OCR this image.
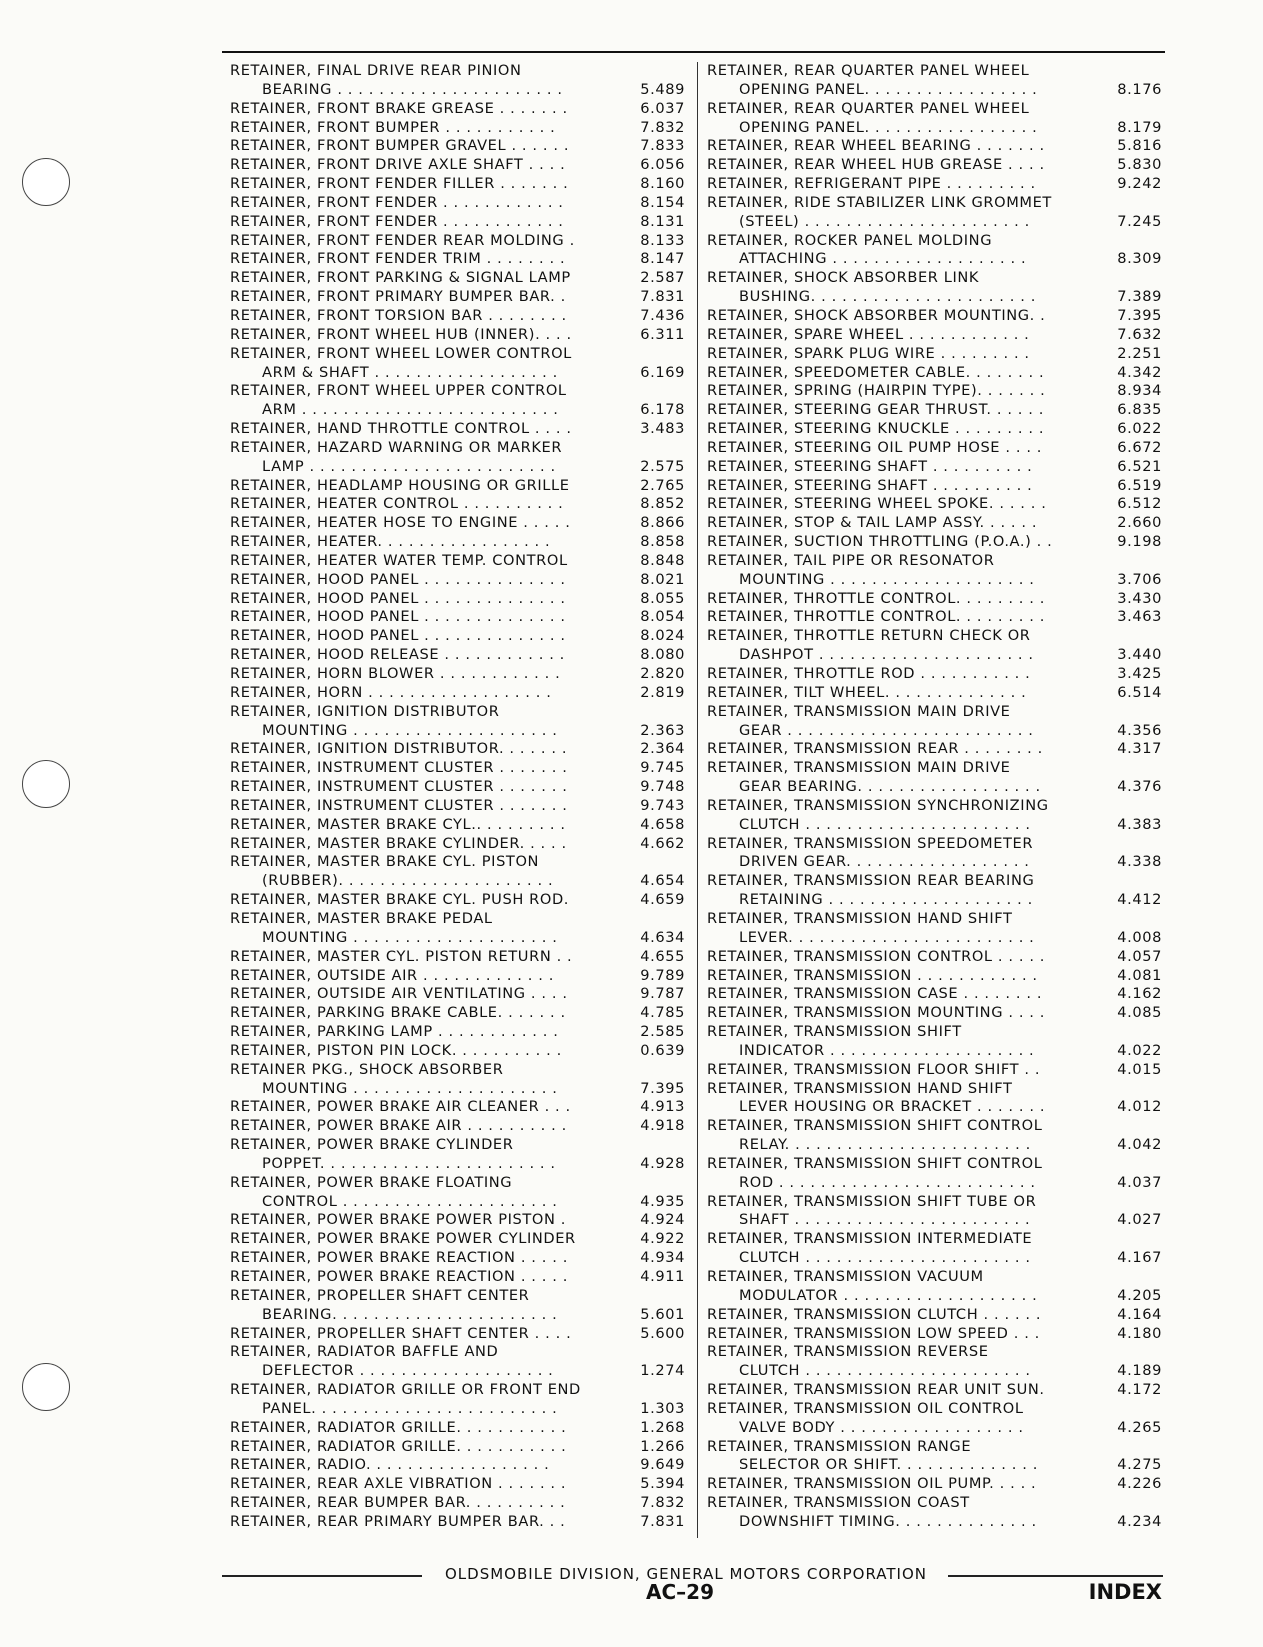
RETAINER, FINAL DRIVE REAR PINION
BEARING . . . . . . . . . . . . . . . . . . . . . .	5.489
RETAINER, FRONT BRAKE GREASE . . . . . . .	6.037
RETAINER, FRONT BUMPER . . . . . . . . . . .	7.832
RETAINER, FRONT BUMPER GRAVEL . . . . . .	7.833
RETAINER, FRONT DRIVE AXLE SHAFT . . . .	6.056
RETAINER, FRONT FENDER FILLER . . . . . . .	8.160
RETAINER, FRONT FENDER . . . . . . . . . . . .	8.154
RETAINER, FRONT FENDER . . . . . . . . . . . .	8.131
RETAINER, FRONT FENDER REAR MOLDING .	8.133
RETAINER, FRONT FENDER TRIM . . . . . . . .	8.147
RETAINER, FRONT PARKING & SIGNAL LAMP	2.587
RETAINER, FRONT PRIMARY BUMPER BAR. .	7.831
RETAINER, FRONT TORSION BAR . . . . . . . .	7.436
RETAINER, FRONT WHEEL HUB (INNER). . . .	6.311
RETAINER, FRONT WHEEL LOWER CONTROL
ARM & SHAFT . . . . . . . . . . . . . . . . . .	6.169
RETAINER, FRONT WHEEL UPPER CONTROL
ARM . . . . . . . . . . . . . . . . . . . . . . . . .	6.178
RETAINER, HAND THROTTLE CONTROL . . . .	3.483
RETAINER, HAZARD WARNING OR MARKER
LAMP . . . . . . . . . . . . . . . . . . . . . . . .	2.575
RETAINER, HEADLAMP HOUSING OR GRILLE	2.765
RETAINER, HEATER CONTROL . . . . . . . . . .	8.852
RETAINER, HEATER HOSE TO ENGINE . . . . .	8.866
RETAINER, HEATER. . . . . . . . . . . . . . . . .	8.858
RETAINER, HEATER WATER TEMP. CONTROL	8.848
RETAINER, HOOD PANEL . . . . . . . . . . . . . .	8.021
RETAINER, HOOD PANEL . . . . . . . . . . . . . .	8.055
RETAINER, HOOD PANEL . . . . . . . . . . . . . .	8.054
RETAINER, HOOD PANEL . . . . . . . . . . . . . .	8.024
RETAINER, HOOD RELEASE . . . . . . . . . . . .	8.080
RETAINER, HORN BLOWER . . . . . . . . . . . .	2.820
RETAINER, HORN . . . . . . . . . . . . . . . . . .	2.819
RETAINER, IGNITION DISTRIBUTOR
MOUNTING . . . . . . . . . . . . . . . . . . . .	2.363
RETAINER, IGNITION DISTRIBUTOR. . . . . . .	2.364
RETAINER, INSTRUMENT CLUSTER . . . . . . .	9.745
RETAINER, INSTRUMENT CLUSTER . . . . . . .	9.748
RETAINER, INSTRUMENT CLUSTER . . . . . . .	9.743
RETAINER, MASTER BRAKE CYL.. . . . . . . . .	4.658
RETAINER, MASTER BRAKE CYLINDER. . . . .	4.662
RETAINER, MASTER BRAKE CYL. PISTON
(RUBBER). . . . . . . . . . . . . . . . . . . . .	4.654
RETAINER, MASTER BRAKE CYL. PUSH ROD.	4.659
RETAINER, MASTER BRAKE PEDAL
MOUNTING . . . . . . . . . . . . . . . . . . . .	4.634
RETAINER, MASTER CYL. PISTON RETURN . .	4.655
RETAINER, OUTSIDE AIR . . . . . . . . . . . . .	9.789
RETAINER, OUTSIDE AIR VENTILATING . . . .	9.787
RETAINER, PARKING BRAKE CABLE. . . . . . .	4.785
RETAINER, PARKING LAMP . . . . . . . . . . . .	2.585
RETAINER, PISTON PIN LOCK. . . . . . . . . . .	0.639
RETAINER PKG., SHOCK ABSORBER
MOUNTING . . . . . . . . . . . . . . . . . . . .	7.395
RETAINER, POWER BRAKE AIR CLEANER . . .	4.913
RETAINER, POWER BRAKE AIR . . . . . . . . . .	4.918
RETAINER, POWER BRAKE CYLINDER
POPPET. . . . . . . . . . . . . . . . . . . . . . .	4.928
RETAINER, POWER BRAKE FLOATING
CONTROL . . . . . . . . . . . . . . . . . . . . .	4.935
RETAINER, POWER BRAKE POWER PISTON .	4.924
RETAINER, POWER BRAKE POWER CYLINDER	4.922
RETAINER, POWER BRAKE REACTION . . . . .	4.934
RETAINER, POWER BRAKE REACTION . . . . .	4.911
RETAINER, PROPELLER SHAFT CENTER
BEARING. . . . . . . . . . . . . . . . . . . . . .	5.601
RETAINER, PROPELLER SHAFT CENTER . . . .	5.600
RETAINER, RADIATOR BAFFLE AND
DEFLECTOR . . . . . . . . . . . . . . . . . . .	1.274
RETAINER, RADIATOR GRILLE OR FRONT END
PANEL. . . . . . . . . . . . . . . . . . . . . . . .	1.303
RETAINER, RADIATOR GRILLE. . . . . . . . . . .	1.268
RETAINER, RADIATOR GRILLE. . . . . . . . . . .	1.266
RETAINER, RADIO. . . . . . . . . . . . . . . . . .	9.649
RETAINER, REAR AXLE VIBRATION . . . . . . .	5.394
RETAINER, REAR BUMPER BAR. . . . . . . . . .	7.832
RETAINER, REAR PRIMARY BUMPER BAR. . .	7.831
RETAINER, REAR QUARTER PANEL WHEEL
OPENING PANEL. . . . . . . . . . . . . . . . .	8.176
RETAINER, REAR QUARTER PANEL WHEEL
OPENING PANEL. . . . . . . . . . . . . . . . .	8.179
RETAINER, REAR WHEEL BEARING . . . . . . .	5.816
RETAINER, REAR WHEEL HUB GREASE . . . .	5.830
RETAINER, REFRIGERANT PIPE . . . . . . . . .	9.242
RETAINER, RIDE STABILIZER LINK GROMMET
(STEEL) . . . . . . . . . . . . . . . . . . . . . .	7.245
RETAINER, ROCKER PANEL MOLDING
ATTACHING . . . . . . . . . . . . . . . . . . .	8.309
RETAINER, SHOCK ABSORBER LINK
BUSHING. . . . . . . . . . . . . . . . . . . . . .	7.389
RETAINER, SHOCK ABSORBER MOUNTING. .	7.395
RETAINER, SPARE WHEEL . . . . . . . . . . . .	7.632
RETAINER, SPARK PLUG WIRE . . . . . . . . .	2.251
RETAINER, SPEEDOMETER CABLE. . . . . . . .	4.342
RETAINER, SPRING (HAIRPIN TYPE). . . . . . .	8.934
RETAINER, STEERING GEAR THRUST. . . . . .	6.835
RETAINER, STEERING KNUCKLE . . . . . . . . .	6.022
RETAINER, STEERING OIL PUMP HOSE . . . .	6.672
RETAINER, STEERING SHAFT . . . . . . . . . .	6.521
RETAINER, STEERING SHAFT . . . . . . . . . .	6.519
RETAINER, STEERING WHEEL SPOKE. . . . . .	6.512
RETAINER, STOP & TAIL LAMP ASSY. . . . . .	2.660
RETAINER, SUCTION THROTTLING (P.O.A.) . .	9.198
RETAINER, TAIL PIPE OR RESONATOR
MOUNTING . . . . . . . . . . . . . . . . . . . .	3.706
RETAINER, THROTTLE CONTROL. . . . . . . . .	3.430
RETAINER, THROTTLE CONTROL. . . . . . . . .	3.463
RETAINER, THROTTLE RETURN CHECK OR
DASHPOT . . . . . . . . . . . . . . . . . . . . .	3.440
RETAINER, THROTTLE ROD . . . . . . . . . . .	3.425
RETAINER, TILT WHEEL. . . . . . . . . . . . . .	6.514
RETAINER, TRANSMISSION MAIN DRIVE
GEAR . . . . . . . . . . . . . . . . . . . . . . . .	4.356
RETAINER, TRANSMISSION REAR . . . . . . . .	4.317
RETAINER, TRANSMISSION MAIN DRIVE
GEAR BEARING. . . . . . . . . . . . . . . . . .	4.376
RETAINER, TRANSMISSION SYNCHRONIZING
CLUTCH . . . . . . . . . . . . . . . . . . . . . .	4.383
RETAINER, TRANSMISSION SPEEDOMETER
DRIVEN GEAR. . . . . . . . . . . . . . . . . .	4.338
RETAINER, TRANSMISSION REAR BEARING
RETAINING . . . . . . . . . . . . . . . . . . . .	4.412
RETAINER, TRANSMISSION HAND SHIFT
LEVER. . . . . . . . . . . . . . . . . . . . . . . .	4.008
RETAINER, TRANSMISSION CONTROL . . . . .	4.057
RETAINER, TRANSMISSION . . . . . . . . . . . .	4.081
RETAINER, TRANSMISSION CASE . . . . . . . .	4.162
RETAINER, TRANSMISSION MOUNTING . . . .	4.085
RETAINER, TRANSMISSION SHIFT
INDICATOR . . . . . . . . . . . . . . . . . . . .	4.022
RETAINER, TRANSMISSION FLOOR SHIFT . .	4.015
RETAINER, TRANSMISSION HAND SHIFT
LEVER HOUSING OR BRACKET . . . . . . .	4.012
RETAINER, TRANSMISSION SHIFT CONTROL
RELAY. . . . . . . . . . . . . . . . . . . . . . . .	4.042
RETAINER, TRANSMISSION SHIFT CONTROL
ROD . . . . . . . . . . . . . . . . . . . . . . . . .	4.037
RETAINER, TRANSMISSION SHIFT TUBE OR
SHAFT . . . . . . . . . . . . . . . . . . . . . . .	4.027
RETAINER, TRANSMISSION INTERMEDIATE
CLUTCH . . . . . . . . . . . . . . . . . . . . . .	4.167
RETAINER, TRANSMISSION VACUUM
MODULATOR . . . . . . . . . . . . . . . . . . .	4.205
RETAINER, TRANSMISSION CLUTCH . . . . . .	4.164
RETAINER, TRANSMISSION LOW SPEED . . .	4.180
RETAINER, TRANSMISSION REVERSE
CLUTCH . . . . . . . . . . . . . . . . . . . . . .	4.189
RETAINER, TRANSMISSION REAR UNIT SUN.	4.172
RETAINER, TRANSMISSION OIL CONTROL
VALVE BODY . . . . . . . . . . . . . . . . . .	4.265
RETAINER, TRANSMISSION RANGE
SELECTOR OR SHIFT. . . . . . . . . . . . . .	4.275
RETAINER, TRANSMISSION OIL PUMP. . . . .	4.226
RETAINER, TRANSMISSION COAST
DOWNSHIFT TIMING. . . . . . . . . . . . . .	4.234
OLDSMOBILE DIVISION, GENERAL MOTORS CORPORATION
AC–29	INDEX
